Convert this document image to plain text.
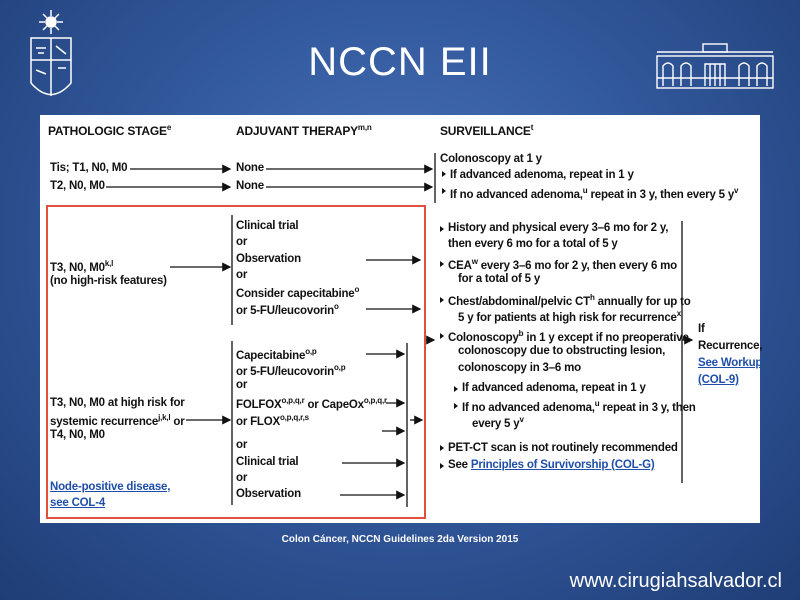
NCCN EII
PATHOLOGIC STAGE$^e$	ADJUVANT THERAPY$^{m,n}$	SURVEILLANCE$^t$
Tis; T1, N0, M0
T2, N0, M0
T3, N0, M0$^{k,l}$
(no high-risk features)
T3, N0, M0 at high risk for
systemic recurrence$^{j,k,l}$ or
T4, N0, M0
Node-positive disease,
see COL-4
None
None
Clinical trial
or
Observation
or
Consider capecitabine$^o$
or 5-FU/leucovorin$^o$
Capecitabine$^{o,p}$
or 5-FU/leucovorin$^{o,p}$
or
FOLFOX$^{o,p,q,r}$ or CapeOx$^{o,p,q,r}$
or FLOX$^{o,p,q,r,s}$
or
Clinical trial
or
Observation
Colonoscopy at 1 y
If advanced adenoma, repeat in 1 y
If no advanced adenoma,$^u$ repeat in 3 y, then every 5 $y^v$
History and physical every 3–6 mo for 2 y,
then every 6 mo for a total of 5 y
CEA$^w$ every 3–6 mo for 2 y, then every 6 mo
for a total of 5 y
Chest/abdominal/pelvic $CT^h$ annually for up to
5 y for patients at high risk for recurrence$^x$
Colonoscopy$^b$ in 1 y except if no preoperative
colonoscopy due to obstructing lesion,
colonoscopy in 3–6 mo
If advanced adenoma, repeat in 1 y
If no advanced adenoma,$^u$ repeat in 3 y, then
every 5 $y^v$
PET-CT scan is not routinely recommended
See Principles of Survivorship (COL-G)
If
Recurrence,
See Workup
(COL-9)
Colon Cáncer, NCCN Guidelines 2da Version 2015
www.cirugiahsalvador.cl
